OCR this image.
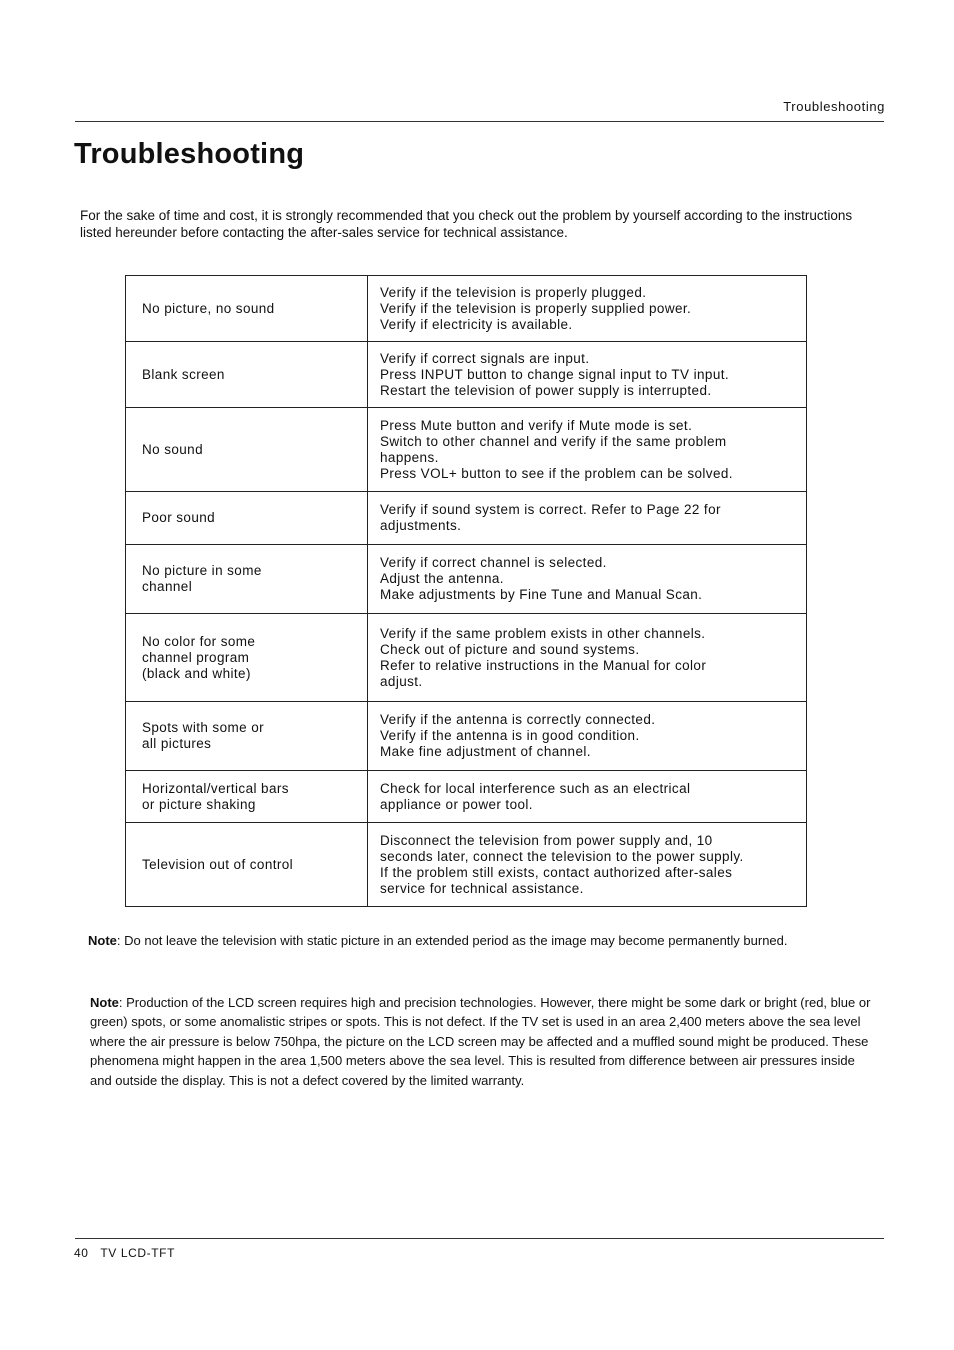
Troubleshooting
Troubleshooting

For the sake of time and cost, it is strongly recommended that you check out the problem by yourself according to the instructions listed hereunder before contacting the after-sales service for technical assistance.

No picture, no sound	Verify if the television is properly plugged.
Verify if the television is properly supplied power.
Verify if electricity is available.

Blank screen	Verify if correct signals are input.
Press INPUT button to change signal input to TV input.
Restart the television of power supply is interrupted.

No sound	Press Mute button and verify if Mute mode is set.
Switch to other channel and verify if the same problem
happens.
Press VOL+ button to see if the problem can be solved.

Poor sound	Verify if sound system is correct. Refer to Page 22 for
adjustments.

No picture in some
channel	Verify if correct channel is selected.
Adjust the antenna.
Make adjustments by Fine Tune and Manual Scan.

No color for some
channel program
(black and white)	Verify if the same problem exists in other channels.
Check out of picture and sound systems.
Refer to relative instructions in the Manual for color
adjust.

Spots with some or
all pictures	Verify if the antenna is correctly connected.
Verify if the antenna is in good condition.
Make fine adjustment of channel.

Horizontal/vertical bars
or picture shaking	Check for local interference such as an electrical
appliance or power tool.

Television out of control	Disconnect the television from power supply and, 10
seconds later, connect the television to the power supply.
If the problem still exists, contact authorized after-sales
service for technical assistance.

Note: Do not leave the television with static picture in an extended period as the image may become permanently burned.

Note: Production of the LCD screen requires high and precision technologies. However, there might be some dark or bright (red, blue or green) spots, or some anomalistic stripes or spots. This is not defect. If the TV set is used in an area 2,400 meters above the sea level where the air pressure is below 750hpa, the picture on the LCD screen may be affected and a muffled sound might be produced. These phenomena might happen in the area 1,500 meters above the sea level. This is resulted from difference between air pressures inside and outside the display. This is not a defect covered by the limited warranty.

40 TV LCD-TFT
